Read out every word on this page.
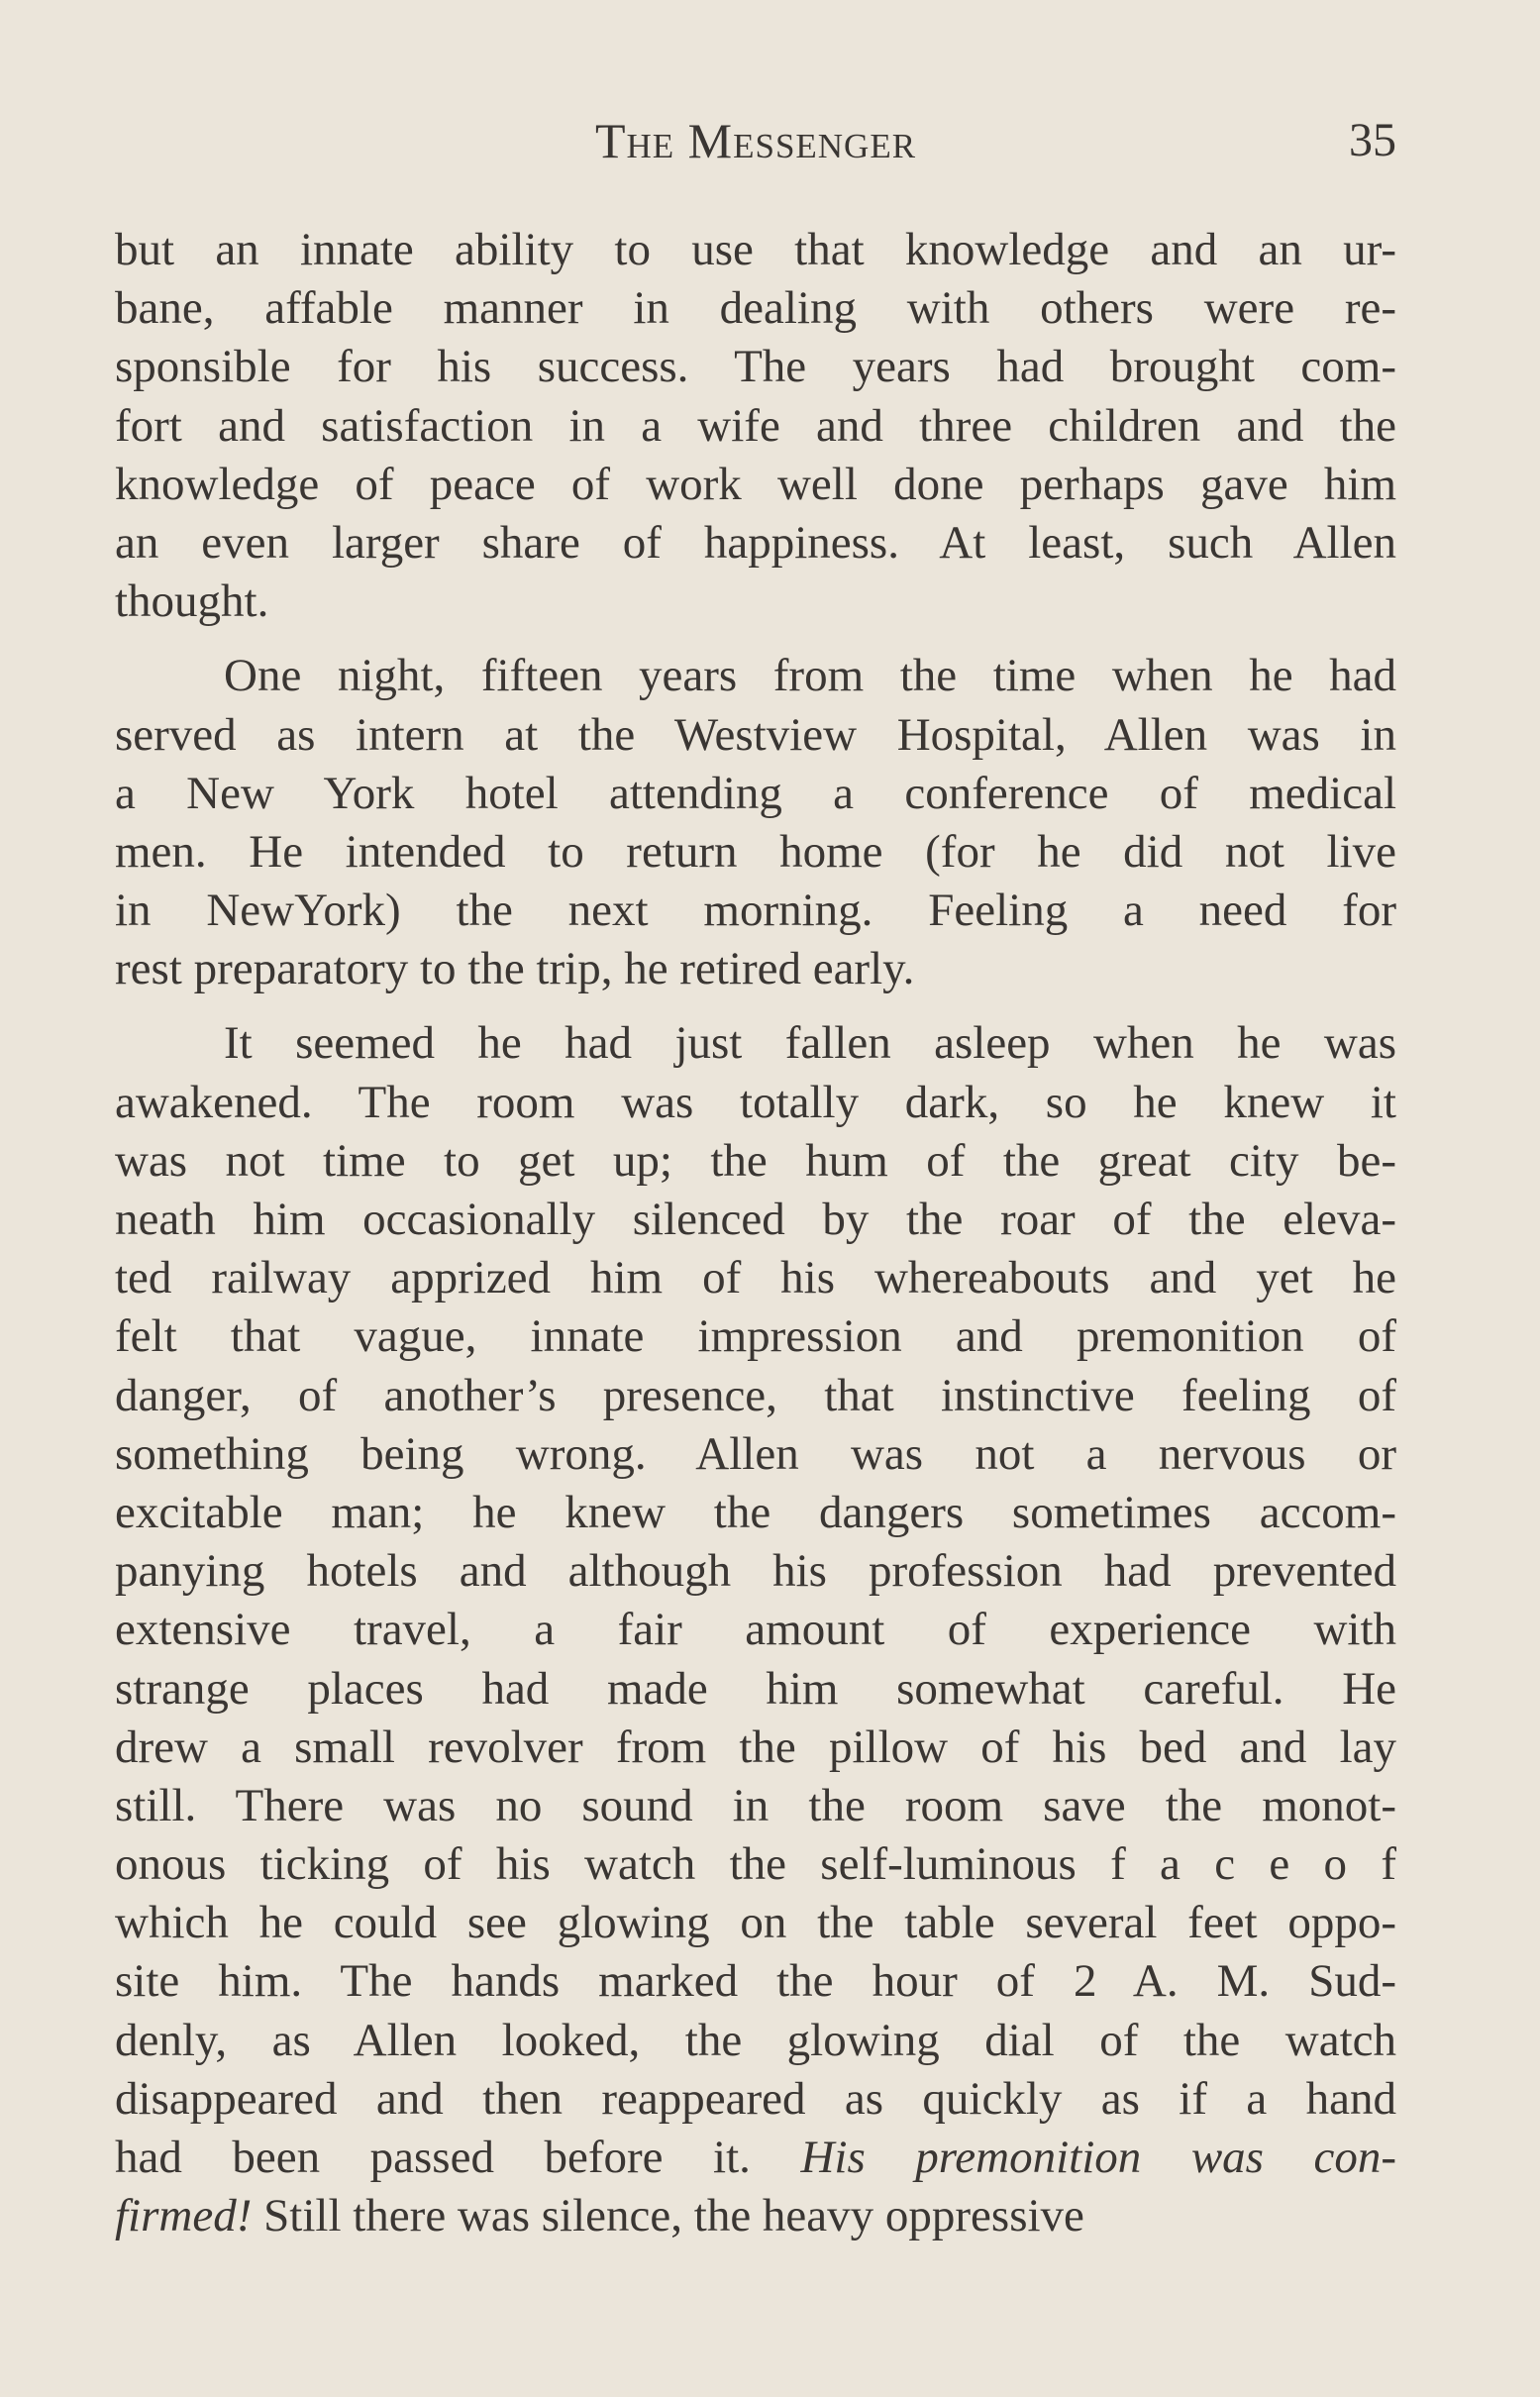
The Messenger	35
but an innate ability to use that knowledge and an ur-
bane, affable manner in dealing with others were re-
sponsible for his success. The years had brought com-
fort and satisfaction in a wife and three children and the
knowledge of peace of work well done perhaps gave him
an even larger share of happiness. At least, such Allen
thought.
One night, fifteen years from the time when he had
served as intern at the Westview Hospital, Allen was in
a New York hotel attending a conference of medical
men. He intended to return home (for he did not live
in NewYork) the next morning. Feeling a need for
rest preparatory to the trip, he retired early.
It seemed he had just fallen asleep when he was
awakened. The room was totally dark, so he knew it
was not time to get up; the hum of the great city be-
neath him occasionally silenced by the roar of the eleva-
ted railway apprized him of his whereabouts and yet he
felt that vague, innate impression and premonition of
danger, of another’s presence, that instinctive feeling of
something being wrong. Allen was not a nervous or
excitable man; he knew the dangers sometimes accom-
panying hotels and although his profession had prevented
extensive travel, a fair amount of experience with
strange places had made him somewhat careful. He
drew a small revolver from the pillow of his bed and lay
still. There was no sound in the room save the monot-
onous ticking of his watch the self-luminous f a c e o f
which he could see glowing on the table several feet oppo-
site him. The hands marked the hour of 2 A. M. Sud-
denly, as Allen looked, the glowing dial of the watch
disappeared and then reappeared as quickly as if a hand
had been passed before it. His premonition was con-
firmed! Still there was silence, the heavy oppressive
